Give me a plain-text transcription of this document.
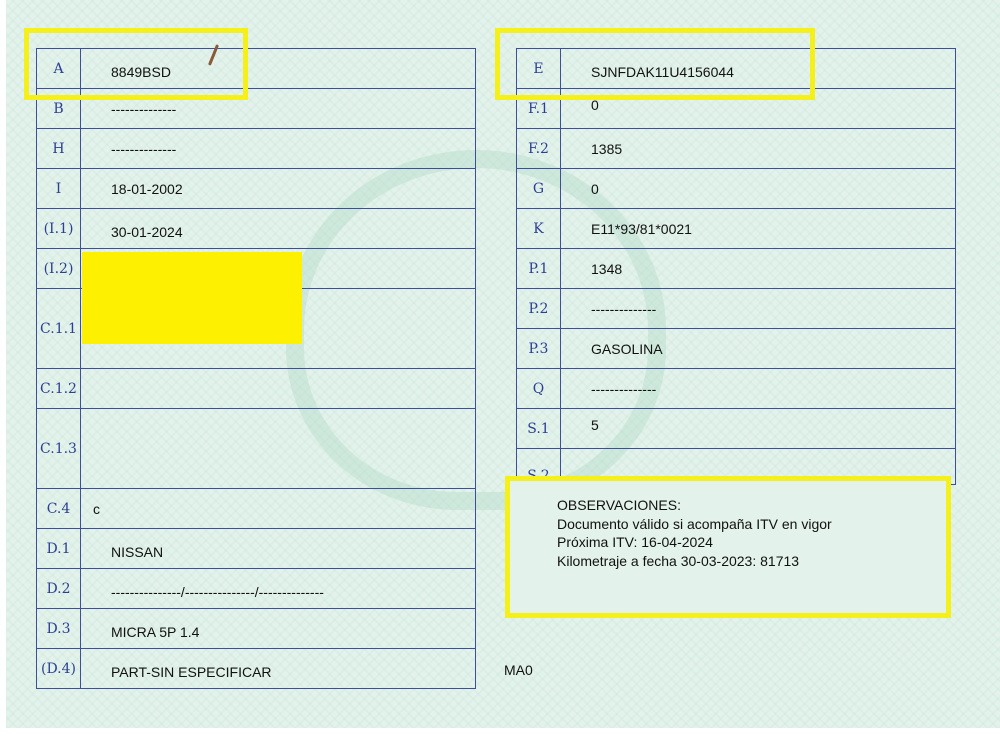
A	8849BSD
B	--------------
H	--------------
I	18-01-2002
(I.1)	30-01-2024
(I.2)	
C.1.1	
C.1.2	
C.1.3	
C.4	c
D.1	NISSAN
D.2	---------------/---------------/--------------
D.3	MICRA 5P 1.4
(D.4)	PART-SIN ESPECIFICAR
E	SJNFDAK11U4156044
F.1	0
F.2	1385
G	0
K	E11*93/81*0021
P.1	1348
P.2	--------------
P.3	GASOLINA
Q	--------------
S.1	5

OBSERVACIONES:
Documento válido si acompaña ITV en vigor
Próxima ITV: 16-04-2024
Kilometraje a fecha 30-03-2023: 81713
MA0
